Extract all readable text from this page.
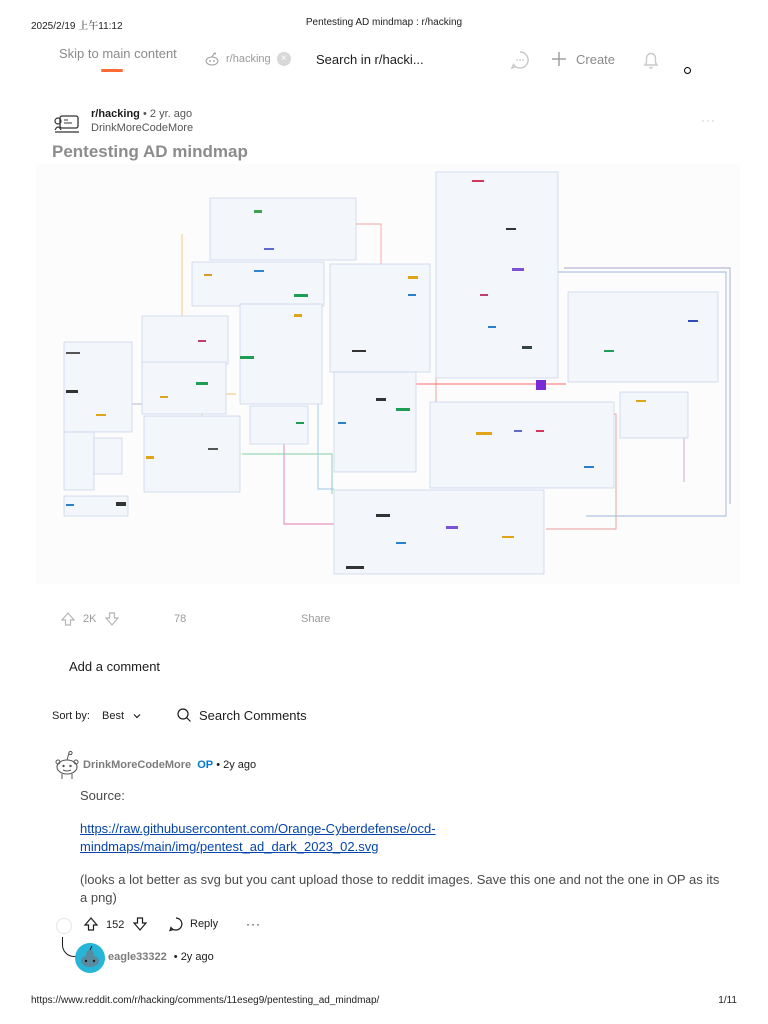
2025/2/19 上午11:12	Pentesting AD mindmap : r/hacking
Skip to main content	r/hacking	×	Search in r/hacki...	Create
r/hacking • 2 yr. ago
DrinkMoreCodeMore
···
Pentesting AD mindmap
2K	78	Share
Add a comment
Sort by: Best	Search Comments
DrinkMoreCodeMore OP • 2y ago

Source:

https://raw.githubusercontent.com/Orange-Cyberdefense/ocd-mindmaps/main/img/pentest_ad_dark_2023_02.svg

(looks a lot better as svg but you cant upload those to reddit images. Save this one and not the one in OP as its a png)

152	Reply ···
eagle33322 • 2y ago
https://www.reddit.com/r/hacking/comments/11eseg9/pentesting_ad_mindmap/	1/11
